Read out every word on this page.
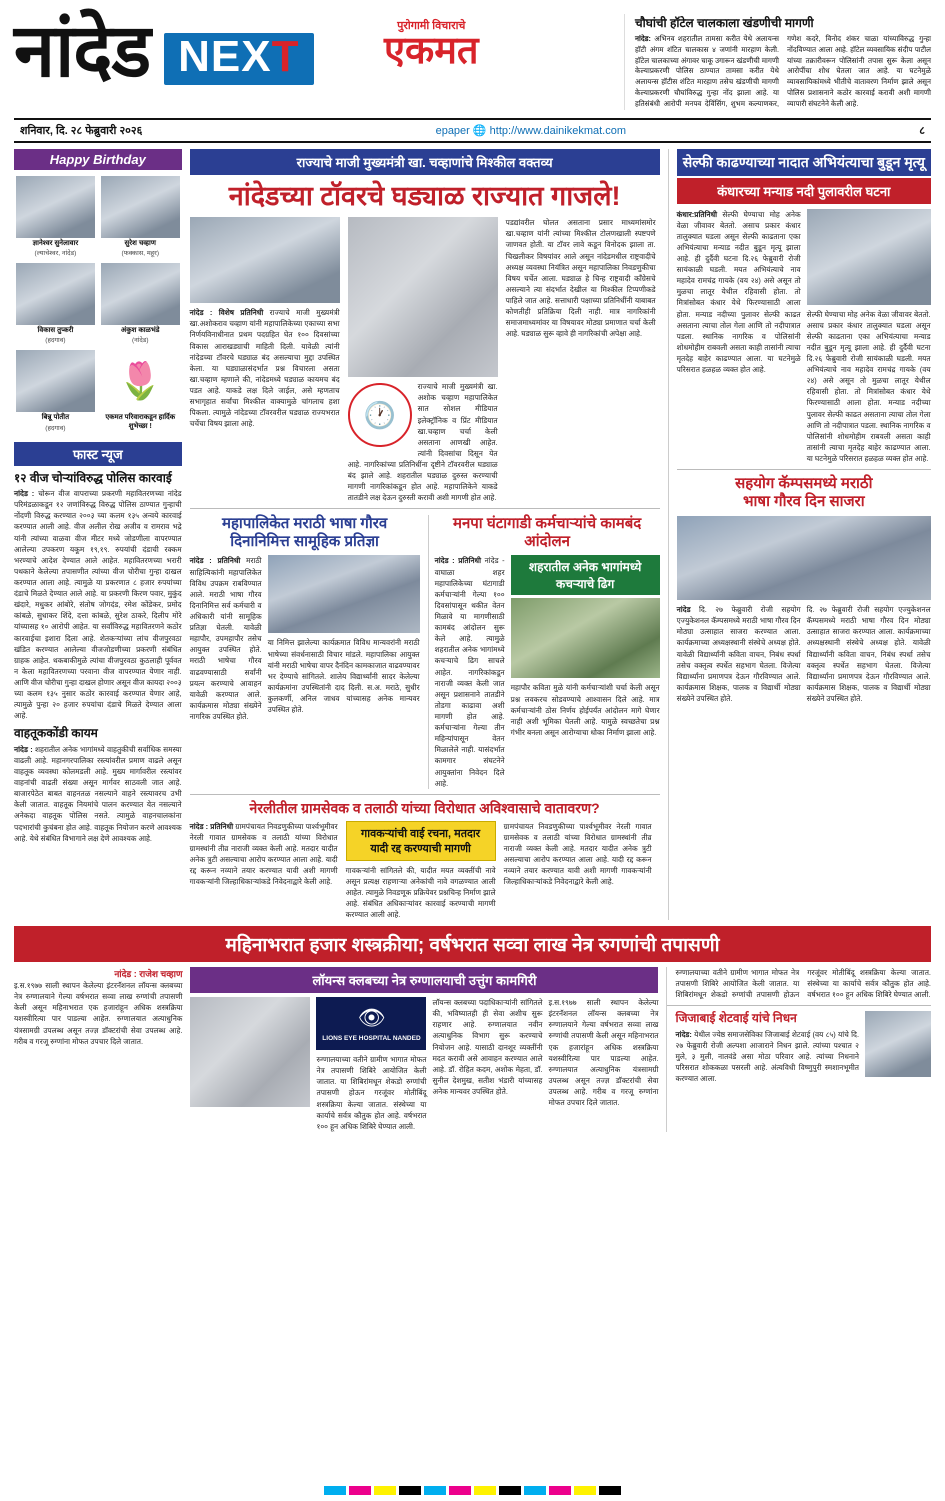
नांदेड NEXT
पुरोगामी विचाराचे
एकमत
चौघांची हॉटेल चालकाला खंडणीची मागणी
नांदेड: अभिनव शहरातील तामसा करीत येथे अलायन्स हॉटी अंगम शंटित चालकास ४ जणांनी मारहाण केली. हॉटेल चालकाच्या अंगावर चाकू उगारून खंडणीची मागणी केल्याप्रकरणी पोलिस ठाण्यात तामसा करीत येथे अलायन्स हॉटीस शंटित मारहाण तसेच खंडणीची मागणी केल्याप्रकरणी चौघांविरुद्ध गुन्हा नोंद झाला आहे. या हतिसंबंधी आरोपी मनपव देविंसिंग, शुभम कल्याणकर, गणेश कदरे, विनोद शंकर चाळा यांच्याविरुद्ध गुन्हा नोंदविण्यात आला आहे. हॉटेल व्यवसायिक संदीप पाटील यांच्या तक्रारीवरून पोलिसांनी तपास सुरू केला असून आरोपींचा शोध घेतला जात आहे. या घटनेमुळे व्यावसायिकांमध्ये भीतीचे वातावरण निर्माण झाले असून पोलिस प्रशासनाने कठोर कारवाई करावी अशी मागणी व्यापारी संघटनेने केली आहे.
शनिवार, दि. २८ फेब्रुवारी २०२६	epaper 🌐 http://www.dainikekmat.com	८
Happy Birthday
ज्ञानेश्वर सुनेलावार
(ल्याचेश्वर, नांदेड)
सुरेश चव्हाण
(फक्कास, महूर)
विकास तुप्करी
(हदगाव)
अंकुश काळभंडे
(नांदेड)
बिन्नू पोतीत
(हदगाव)
🌷
एकमत परिवाराकडून हार्दिक शुभेच्छा !
फास्ट न्यूज
१२ वीज चोऱ्यांविरुद्ध पोलिस कारवाई
नांदेड : चोरून वीज वापराच्या प्रकरणी महावितरणच्या नांदेड परिमंडळाकडून १२ जणांविरुद्ध विरुद्ध पोलिस ठाण्यात गुन्हाची नोंदणी विरुद्ध करण्यात २००३ च्या कलम १३५ अन्वये कारवाई करण्यात आली आहे. वीज अलील रोख अजीव व रामराव भद्रे यांनी त्यांच्या वाळवा वीज मीटर मध्ये जोडणीला वापरण्यात आलेल्या उपकरण यकूम १९,१९. रुपयांची दंडाची रक्कम भरण्याचे आदेश देण्यात आले आहेत. महावितरणच्या भरारी पथकाने केलेल्या तपासणीत त्यांच्या वीज चोरीचा गुन्हा दाखल करण्यात आला आहे. त्यामुळे या प्रकरणात ८ हजार रुपयांच्या दंडाचे मिळते देण्यात आले आहे. या प्रकरणी किरण पवार, मुकुंद खंदारे, मधुकर आंबोरे, संतोष जोगदंड, रमेश कोंडेकर, प्रमोद कांबळे, सुधाकर शिंदे, दत्ता कांबळे, सुरेश ठाकरे, दिलीप मोरे यांच्यासह १० आरोपी आहेत. या सर्वांविरुद्ध महावितरणने कठोर कारवाईचा इशारा दिला आहे. शेतकऱ्यांच्या लांच वीजपुरवठा खंडित करण्यात आलेल्या वीजजोडणीच्या प्रकरणी संबंधित ग्राहक आहेत. थकबाकीमुळे त्यांचा वीजपुरवठा कुठलाही पूर्ववत न केला महावितरणच्या परवाना वीज वापरण्यात येणार नाही. आणि वीज चोरीचा गुन्हा दाखल होणार असून वीज कायदा २००३ च्या कलम १३५ नुसार कठोर कारवाई करण्यात येणार आहे, त्यामुळे पुन्हा २० हजार रुपयांचा दंडाचे मिळते देण्यात आला आहे.
वाहतूककोंडी कायम
नांदेड : शहरातील अनेक भागांमध्ये वाहतुकीची सर्वाधिक समस्या वाढली आहे. महानगरपालिका रस्त्यांवरील प्रमाण वाढले असून वाहतूक व्यवस्था कोलमडली आहे. मुख्य मार्गावरील रस्त्यांवर वाहनांची वाढती संख्या असून मार्गवर साठवली जात आहे. बाजारपेठेत बाबत वाहनतळ नसल्याने वाहने रस्त्यावरच उभी केली जातात. वाहतूक नियमांचे पालन करण्यात येत नसल्याने अनेकदा वाहतूक पोलिस नसते. त्यामुळे वाहनचालकांना पदभारांची कुचंबना होत आहे. वाहतूक नियोजन करणे आवश्यक आहे. येथे संबंधित विभागाने लक्ष देणे आवश्यक आहे.
राज्याचे माजी मुख्यमंत्री खा. चव्हाणांचे मिश्कील वक्तव्य
नांदेडच्या टॉवरचे घड्याळ राज्यात गाजले!
नांदेड : विशेष प्रतिनिधी राज्याचे माजी मुख्यमंत्री खा.अशोकराव चव्हाण यांनी महापालिकेच्या एकाच्या सभा निर्णयविनाधीनात प्रथम पदग्रहित घेत १०० दिवसांच्या विकास आराखड्याची माहिती दिली. यावेळी त्यांनी नांदेडच्या टॉवरचे घड्याळ बंद असल्याचा मुद्दा उपस्थित केला. या घड्याळासंदर्भात प्रश्न विचारला असता खा.चव्हाण म्हणाले की, नांदेडमध्ये घड्याळ कायमच बंद पडत आहे. याकडे लक्ष दिले जाईल, असे म्हणताच सभागृहात सर्वांचा मिश्कील वाक्यामुळे चांगलाच हशा पिकला. त्यामुळे नांदेडच्या टॉवरवरील घड्याळ राज्यभरात चर्चेचा विषय झाला आहे.	🕐
राज्याचे माजी मुख्यमंत्री खा. अशोक चव्हाण महापालिकेत सात सोशल मीडियात इलेक्ट्रॉनिक व प्रिंट मीडियात खा.चव्हाण चर्चा केली असताना आणखी आहेत. त्यांनी दिवसांचा दिसून येत आहे. नागरिकांच्या प्रतिनिधींना दृष्टीने टॉवरवरील घड्याळ बंद झाले आहे. शहरातील घड्याळ दुरुस्त करण्याची मागणी नागरिकांकडून होत आहे. महापालिकेने याकडे तातडीने लक्ष देऊन दुरुस्ती करावी अशी मागणी होत आहे.
पडद्यांवरील घोलत असताना प्रसार माध्यमांसमोर खा.चव्हाण यांनी त्यांच्या मिश्कील टोलणखाली स्पष्टपणे जाणवत होती. या टॉवर लावे कडून विनोदक झाला ता. चिखलीकर विषयांवर आले असून नांदेडमधील राष्ट्रवादीचे अध्यक्ष व्यवस्था नियंत्रित असून महापालिका निवडणुकीचा विषय चर्चेत आला. घड्याळ हे चिन्ह राष्ट्रवादी काँग्रेसचे असल्याने त्या संदर्भात देखील या मिश्कील टिप्पणीकडे पाहिले जात आहे. सत्ताधारी पक्षाच्या प्रतिनिधींनी याबाबत कोणतीही प्रतिक्रिया दिली नाही. मात्र नागरिकांनी समाजमाध्यमांवर या विषयावर मोठ्या प्रमाणात चर्चा केली आहे. घड्याळ सुरू व्हावे ही नागरिकांची अपेक्षा आहे.
महापालिकेत मराठी भाषा गौरव
दिनानिमित्त सामूहिक प्रतिज्ञा
नांदेड : प्रतिनिधी मराठी साहित्यिकांनी महापालिकेत विविध उपक्रम राबविण्यात आले. मराठी भाषा गौरव दिनानिमित्त सर्व कर्मचारी व अधिकारी यांनी सामूहिक प्रतिज्ञा घेतली. यावेळी महापौर, उपमहापौर तसेच आयुक्त उपस्थित होते. मराठी भाषेचा गौरव वाढवण्यासाठी सर्वांनी प्रयत्न करण्याचे आवाहन यावेळी करण्यात आले. कार्यक्रमास मोठ्या संख्येने नागरिक उपस्थित होते.
या निमित्त झालेल्या कार्यक्रमात विविध मान्यवरांनी मराठी भाषेच्या संवर्धनासाठी विचार मांडले. महापालिका आयुक्त यांनी मराठी भाषेचा वापर दैनंदिन कामकाजात वाढवण्यावर भर देण्याचे सांगितले. शालेय विद्यार्थ्यांनी सादर केलेल्या कार्यक्रमांना उपस्थितांनी दाद दिली. स.अ. मराठे, सुधीर कुलकर्णी, अनिल जाधव यांच्यासह अनेक मान्यवर उपस्थित होते.
मनपा घंटागाडी कर्मचाऱ्यांचे कामबंद आंदोलन
नांदेड : प्रतिनिधी नांदेड - वाघाळा शहर महापालिकेच्या घंटागाडी कर्मचाऱ्यांनी गेल्या १०० दिवसांपासून थकीत वेतन मिळावे या मागणीसाठी कामबंद आंदोलन सुरू केले आहे. त्यामुळे शहरातील अनेक भागांमध्ये कचऱ्याचे ढिग साचले आहेत. नागरिकांकडून नाराजी व्यक्त केली जात असून प्रशासनाने तातडीने तोडगा काढावा अशी मागणी होत आहे. कर्मचाऱ्यांना गेल्या तीन महिन्यांपासून वेतन मिळालेले नाही. यासंदर्भात कामगार संघटनेने आयुक्तांना निवेदन दिले आहे.
शहरातील अनेक भागांमध्ये कचऱ्याचे ढिग
महापौर कविता मुळे यांनी कर्मचाऱ्यांशी चर्चा केली असून प्रश्न लवकरच सोडवण्याचे आश्वासन दिले आहे. मात्र कर्मचाऱ्यांनी ठोस निर्णय होईपर्यंत आंदोलन मागे घेणार नाही अशी भूमिका घेतली आहे. यामुळे स्वच्छतेचा प्रश्न गंभीर बनला असून आरोग्याचा धोका निर्माण झाला आहे.
नेरलीतील ग्रामसेवक व तलाठी यांच्या विरोधात अविश्वासाचे वातावरण?
नांदेड : प्रतिनिधी ग्रामपंचायत निवडणुकीच्या पार्श्वभूमीवर नेरली गावात ग्रामसेवक व तलाठी यांच्या विरोधात ग्रामस्थांनी तीव्र नाराजी व्यक्त केली आहे. मतदार यादीत अनेक त्रुटी असल्याचा आरोप करण्यात आला आहे. यादी रद्द करून नव्याने तयार करण्यात यावी अशी मागणी गावकऱ्यांनी जिल्हाधिकाऱ्यांकडे निवेदनाद्वारे केली आहे.
गावकऱ्यांची वाई रचना, मतदार यादी रद्द करण्याची मागणी
गावकऱ्यांनी सांगितले की, यादीत मयत व्यक्तींची नावे असून प्रत्यक्ष राहणाऱ्या अनेकांची नावे वगळण्यात आली आहेत. त्यामुळे निवडणूक प्रक्रियेवर प्रश्नचिन्ह निर्माण झाले आहे. संबंधित अधिकाऱ्यांवर कारवाई करण्याची मागणी करण्यात आली आहे.
ग्रामपंचायत निवडणुकीच्या पार्श्वभूमीवर नेरली गावात ग्रामसेवक व तलाठी यांच्या विरोधात ग्रामस्थांनी तीव्र नाराजी व्यक्त केली आहे. मतदार यादीत अनेक त्रुटी असल्याचा आरोप करण्यात आला आहे. यादी रद्द करून नव्याने तयार करण्यात यावी अशी मागणी गावकऱ्यांनी जिल्हाधिकाऱ्यांकडे निवेदनाद्वारे केली आहे.
सेल्फी काढण्याच्या नादात अभियंत्याचा बुडून मृत्यू
कंधारच्या मन्याड नदी पुलावरील घटना
कंधार:प्रतिनिधी सेल्फी घेण्याचा मोह अनेक वेळा जीवावर बेततो. असाच प्रकार कंधार तालुक्यात घडला असून सेल्फी काढताना एका अभियंत्याचा मन्याड नदीत बुडून मृत्यू झाला आहे. ही दुर्दैवी घटना दि.२६ फेब्रुवारी रोजी सायंकाळी घडली. मयत अभियंत्याचे नाव महादेव रामचंद्र गायके (वय २४) असे असून तो मुळचा लातूर येथील रहिवासी होता. तो मित्रांसोबत कंधार येथे फिरण्यासाठी आला होता. मन्याड नदीच्या पुलावर सेल्फी काढत असताना त्याचा तोल गेला आणि तो नदीपात्रात पडला. स्थानिक नागरिक व पोलिसांनी शोधमोहीम राबवली असता काही तासांनी त्याचा मृतदेह बाहेर काढण्यात आला. या घटनेमुळे परिसरात हळहळ व्यक्त होत आहे.
सेल्फी घेण्याचा मोह अनेक वेळा जीवावर बेततो. असाच प्रकार कंधार तालुक्यात घडला असून सेल्फी काढताना एका अभियंत्याचा मन्याड नदीत बुडून मृत्यू झाला आहे. ही दुर्दैवी घटना दि.२६ फेब्रुवारी रोजी सायंकाळी घडली. मयत अभियंत्याचे नाव महादेव रामचंद्र गायके (वय २४) असे असून तो मुळचा लातूर येथील रहिवासी होता. तो मित्रांसोबत कंधार येथे फिरण्यासाठी आला होता. मन्याड नदीच्या पुलावर सेल्फी काढत असताना त्याचा तोल गेला आणि तो नदीपात्रात पडला. स्थानिक नागरिक व पोलिसांनी शोधमोहीम राबवली असता काही तासांनी त्याचा मृतदेह बाहेर काढण्यात आला. या घटनेमुळे परिसरात हळहळ व्यक्त होत आहे.
सहयोग कॅम्पसमध्ये मराठी
भाषा गौरव दिन साजरा
नांदेड दि. २७ फेब्रुवारी रोजी सहयोग एज्युकेशनल कॅम्पसमध्ये मराठी भाषा गौरव दिन मोठ्या उत्साहात साजरा करण्यात आला. कार्यक्रमाच्या अध्यक्षस्थानी संस्थेचे अध्यक्ष होते. यावेळी विद्यार्थ्यांनी कविता वाचन, निबंध स्पर्धा तसेच वक्तृत्व स्पर्धेत सहभाग घेतला. विजेत्या विद्यार्थ्यांना प्रमाणपत्र देऊन गौरविण्यात आले. कार्यक्रमास शिक्षक, पालक व विद्यार्थी मोठ्या संख्येने उपस्थित होते.
दि. २७ फेब्रुवारी रोजी सहयोग एज्युकेशनल कॅम्पसमध्ये मराठी भाषा गौरव दिन मोठ्या उत्साहात साजरा करण्यात आला. कार्यक्रमाच्या अध्यक्षस्थानी संस्थेचे अध्यक्ष होते. यावेळी विद्यार्थ्यांनी कविता वाचन, निबंध स्पर्धा तसेच वक्तृत्व स्पर्धेत सहभाग घेतला. विजेत्या विद्यार्थ्यांना प्रमाणपत्र देऊन गौरविण्यात आले. कार्यक्रमास शिक्षक, पालक व विद्यार्थी मोठ्या संख्येने उपस्थित होते.
महिनाभरात हजार शस्त्रक्रीया; वर्षभरात सव्वा लाख नेत्र रुगणांची तपासणी
नांदेड : राजेश चव्हाण
इ.स.१९७७ साली स्थापन केलेल्या इंटरनॅशनल लॉयन्स क्लबच्या नेत्र रुग्णालयाने गेल्या वर्षभरात सव्वा लाख रुग्णांची तपासणी केली असून महिनाभरात एक हजारांहून अधिक शस्त्रक्रिया यशस्वीरित्या पार पाडल्या आहेत. रुग्णालयात अत्याधुनिक यंत्रसामग्री उपलब्ध असून तज्ज्ञ डॉक्टरांची सेवा उपलब्ध आहे. गरीब व गरजू रुग्णांना मोफत उपचार दिले जातात.
लॉयन्स क्लबच्या नेत्र रुग्णालयाची उत्तुंग कामगिरी
👁
LIONS EYE HOSPITAL NANDED
रुग्णालयाच्या वतीने ग्रामीण भागात मोफत नेत्र तपासणी शिबिरे आयोजित केली जातात. या शिबिरांमधून शेकडो रुग्णांची तपासणी होऊन गरजूंवर मोतीबिंदू शस्त्रक्रिया केल्या जातात. संस्थेच्या या कार्याचे सर्वत्र कौतुक होत आहे. वर्षभरात १०० हून अधिक शिबिरे घेण्यात आली.
लॉयन्स क्लबच्या पदाधिकाऱ्यांनी सांगितले की, भविष्यातही ही सेवा अशीच सुरू राहणार आहे. रुग्णालयात नवीन अत्याधुनिक विभाग सुरू करण्याचे नियोजन आहे. यासाठी दानशूर व्यक्तींनी मदत करावी असे आवाहन करण्यात आले आहे. डॉ. रोहित कदम, अशोक मेहता, डॉ. सुनील देशमुख, सतीश भंडारी यांच्यासह अनेक मान्यवर उपस्थित होते.
इ.स.१९७७ साली स्थापन केलेल्या इंटरनॅशनल लॉयन्स क्लबच्या नेत्र रुग्णालयाने गेल्या वर्षभरात सव्वा लाख रुग्णांची तपासणी केली असून महिनाभरात एक हजारांहून अधिक शस्त्रक्रिया यशस्वीरित्या पार पाडल्या आहेत. रुग्णालयात अत्याधुनिक यंत्रसामग्री उपलब्ध असून तज्ज्ञ डॉक्टरांची सेवा उपलब्ध आहे. गरीब व गरजू रुग्णांना मोफत उपचार दिले जातात.
रुग्णालयाच्या वतीने ग्रामीण भागात मोफत नेत्र तपासणी शिबिरे आयोजित केली जातात. या शिबिरांमधून शेकडो रुग्णांची तपासणी होऊन गरजूंवर मोतीबिंदू शस्त्रक्रिया केल्या जातात. संस्थेच्या या कार्याचे सर्वत्र कौतुक होत आहे. वर्षभरात १०० हून अधिक शिबिरे घेण्यात आली.
जिजाबाई शेटवाई यांचे निधन
नांदेड: येथील ज्येष्ठ समाजसेविका जिजाबाई शेटवाई (वय ८५) यांचे दि. २७ फेब्रुवारी रोजी अल्पशा आजाराने निधन झाले. त्यांच्या पश्चात २ मुले, ३ मुली, नातवंडे असा मोठा परिवार आहे. त्यांच्या निधनाने परिसरात शोककळा पसरली आहे. अंत्यविधी विष्णुपुरी स्मशानभूमीत करण्यात आला.
